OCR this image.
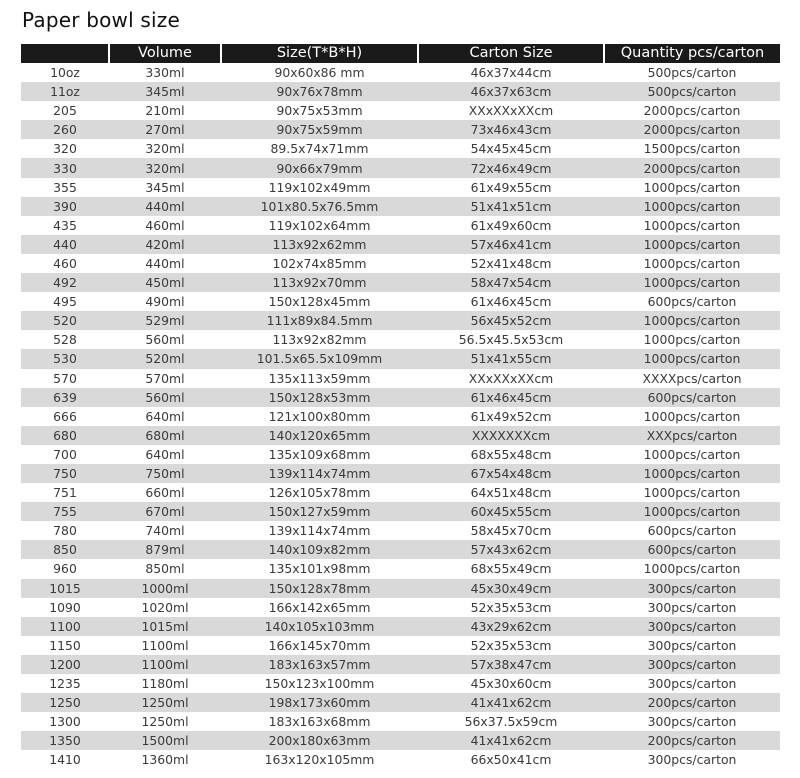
Paper bowl size
	Volume	Size(T*B*H)	Carton Size	Quantity pcs/carton
10oz	330ml	90x60x86 mm	46x37x44cm	500pcs/carton
11oz	345ml	90x76x78mm	46x37x63cm	500pcs/carton
205	210ml	90x75x53mm	XXxXXxXXcm	2000pcs/carton
260	270ml	90x75x59mm	73x46x43cm	2000pcs/carton
320	320ml	89.5x74x71mm	54x45x45cm	1500pcs/carton
330	320ml	90x66x79mm	72x46x49cm	2000pcs/carton
355	345ml	119x102x49mm	61x49x55cm	1000pcs/carton
390	440ml	101x80.5x76.5mm	51x41x51cm	1000pcs/carton
435	460ml	119x102x64mm	61x49x60cm	1000pcs/carton
440	420ml	113x92x62mm	57x46x41cm	1000pcs/carton
460	440ml	102x74x85mm	52x41x48cm	1000pcs/carton
492	450ml	113x92x70mm	58x47x54cm	1000pcs/carton
495	490ml	150x128x45mm	61x46x45cm	600pcs/carton
520	529ml	111x89x84.5mm	56x45x52cm	1000pcs/carton
528	560ml	113x92x82mm	56.5x45.5x53cm	1000pcs/carton
530	520ml	101.5x65.5x109mm	51x41x55cm	1000pcs/carton
570	570ml	135x113x59mm	XXxXXxXXcm	XXXXpcs/carton
639	560ml	150x128x53mm	61x46x45cm	600pcs/carton
666	640ml	121x100x80mm	61x49x52cm	1000pcs/carton
680	680ml	140x120x65mm	XXXXXXXcm	XXXpcs/carton
700	640ml	135x109x68mm	68x55x48cm	1000pcs/carton
750	750ml	139x114x74mm	67x54x48cm	1000pcs/carton
751	660ml	126x105x78mm	64x51x48cm	1000pcs/carton
755	670ml	150x127x59mm	60x45x55cm	1000pcs/carton
780	740ml	139x114x74mm	58x45x70cm	600pcs/carton
850	879ml	140x109x82mm	57x43x62cm	600pcs/carton
960	850ml	135x101x98mm	68x55x49cm	1000pcs/carton
1015	1000ml	150x128x78mm	45x30x49cm	300pcs/carton
1090	1020ml	166x142x65mm	52x35x53cm	300pcs/carton
1100	1015ml	140x105x103mm	43x29x62cm	300pcs/carton
1150	1100ml	166x145x70mm	52x35x53cm	300pcs/carton
1200	1100ml	183x163x57mm	57x38x47cm	300pcs/carton
1235	1180ml	150x123x100mm	45x30x60cm	300pcs/carton
1250	1250ml	198x173x60mm	41x41x62cm	200pcs/carton
1300	1250ml	183x163x68mm	56x37.5x59cm	300pcs/carton
1350	1500ml	200x180x63mm	41x41x62cm	200pcs/carton
1410	1360ml	163x120x105mm	66x50x41cm	300pcs/carton
